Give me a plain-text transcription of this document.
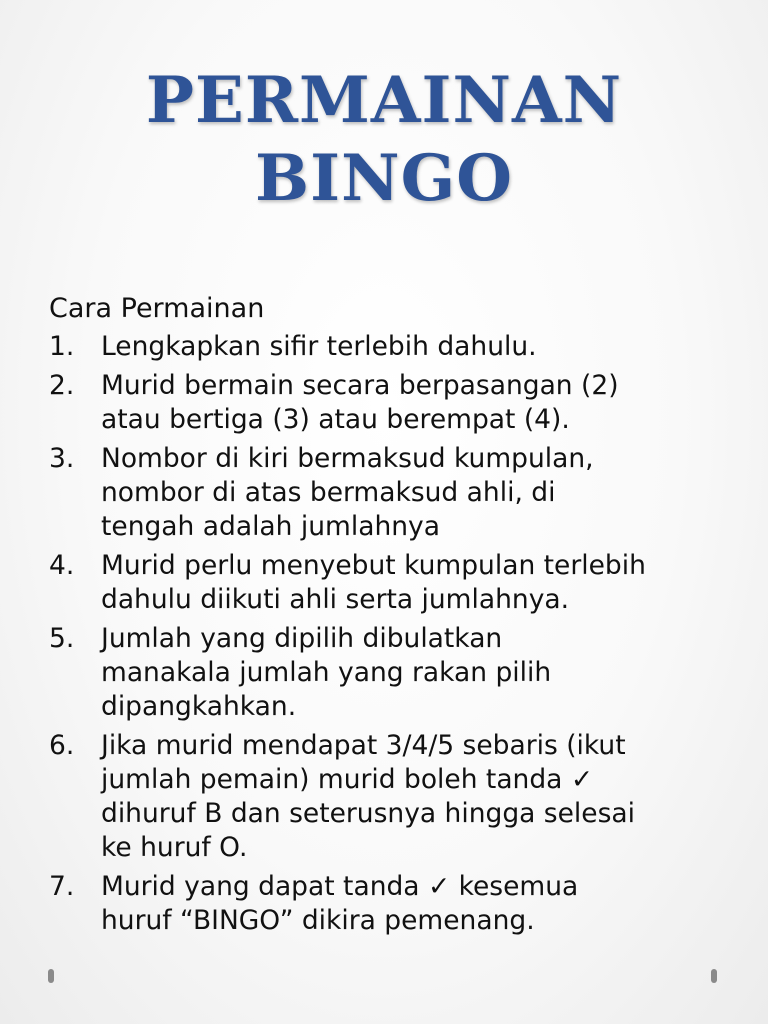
PERMAINAN
BINGO

Cara Permainan

1. Lengkapkan sifir terlebih dahulu.
2. Murid bermain secara berpasangan (2)
atau bertiga (3) atau berempat (4).
3. Nombor di kiri bermaksud kumpulan,
nombor di atas bermaksud ahli, di
tengah adalah jumlahnya
4. Murid perlu menyebut kumpulan terlebih
dahulu diikuti ahli serta jumlahnya.
5. Jumlah yang dipilih dibulatkan
manakala jumlah yang rakan pilih
dipangkahkan.
6. Jika murid mendapat 3/4/5 sebaris (ikut
jumlah pemain) murid boleh tanda ✓
dihuruf B dan seterusnya hingga selesai
ke huruf O.
7. Murid yang dapat tanda ✓ kesemua
huruf “BINGO” dikira pemenang.
